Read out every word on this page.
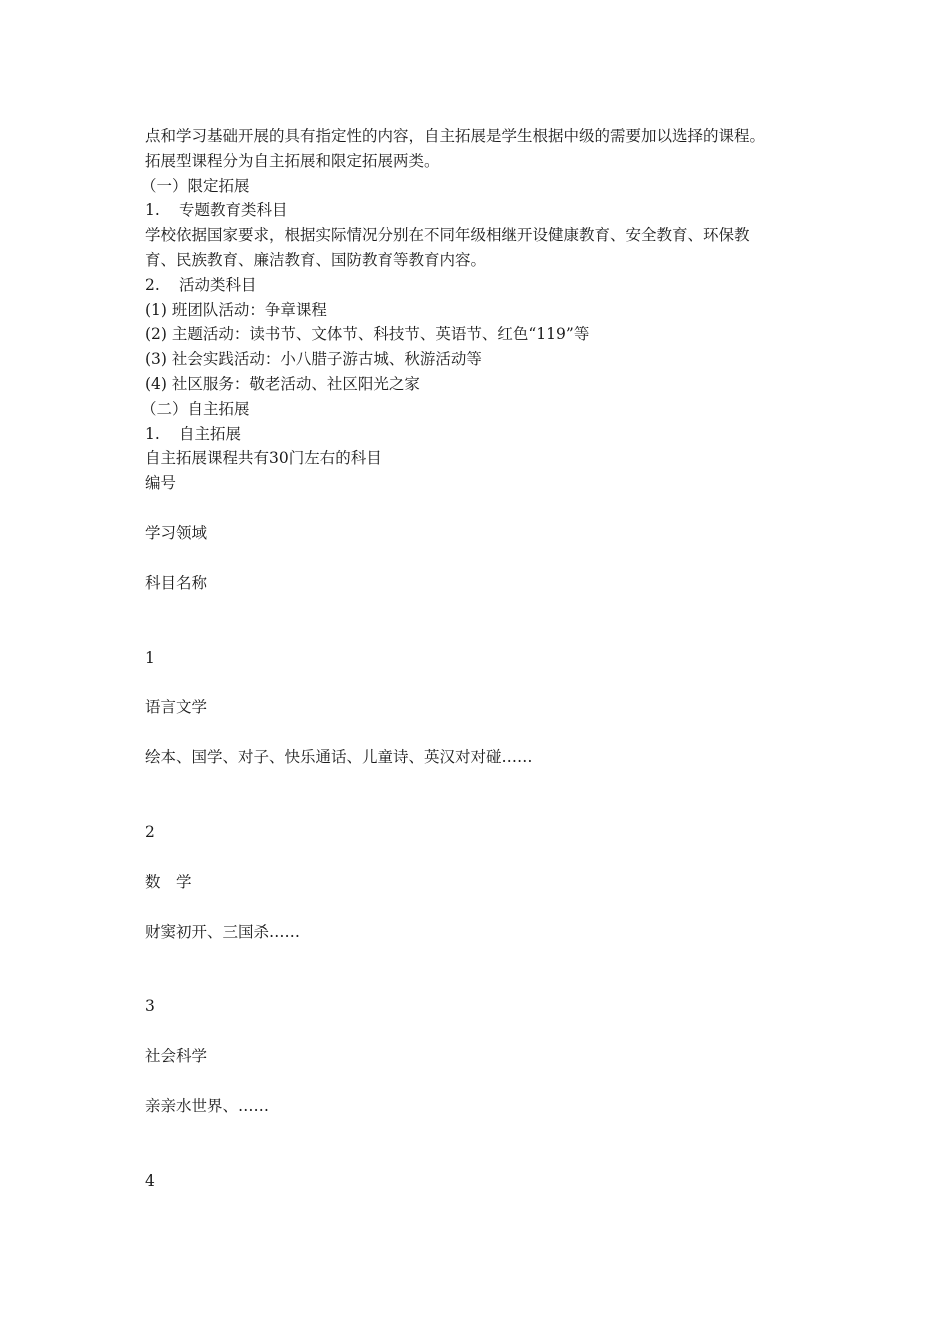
点和学习基础开展的具有指定性的内容，自主拓展是学生根据中级的需要加以选择的课程。
拓展型课程分为自主拓展和限定拓展两类。
（一）限定拓展
1. 专题教育类科目
学校依据国家要求，根据实际情况分别在不同年级相继开设健康教育、安全教育、环保教
育、民族教育、廉洁教育、国防教育等教育内容。
2. 活动类科目
(1) 班团队活动：争章课程
(2) 主题活动：读书节、文体节、科技节、英语节、红色“119”等
(3) 社会实践活动：小八腊子游古城、秋游活动等
(4) 社区服务：敬老活动、社区阳光之家
（二）自主拓展
1. 自主拓展
自主拓展课程共有30门左右的科目
编号
学习领域
科目名称
1
语言文学
绘本、国学、对子、快乐通话、儿童诗、英汉对对碰……
2
数　学
财窦初开、三国杀……
3
社会科学
亲亲水世界、……
4
